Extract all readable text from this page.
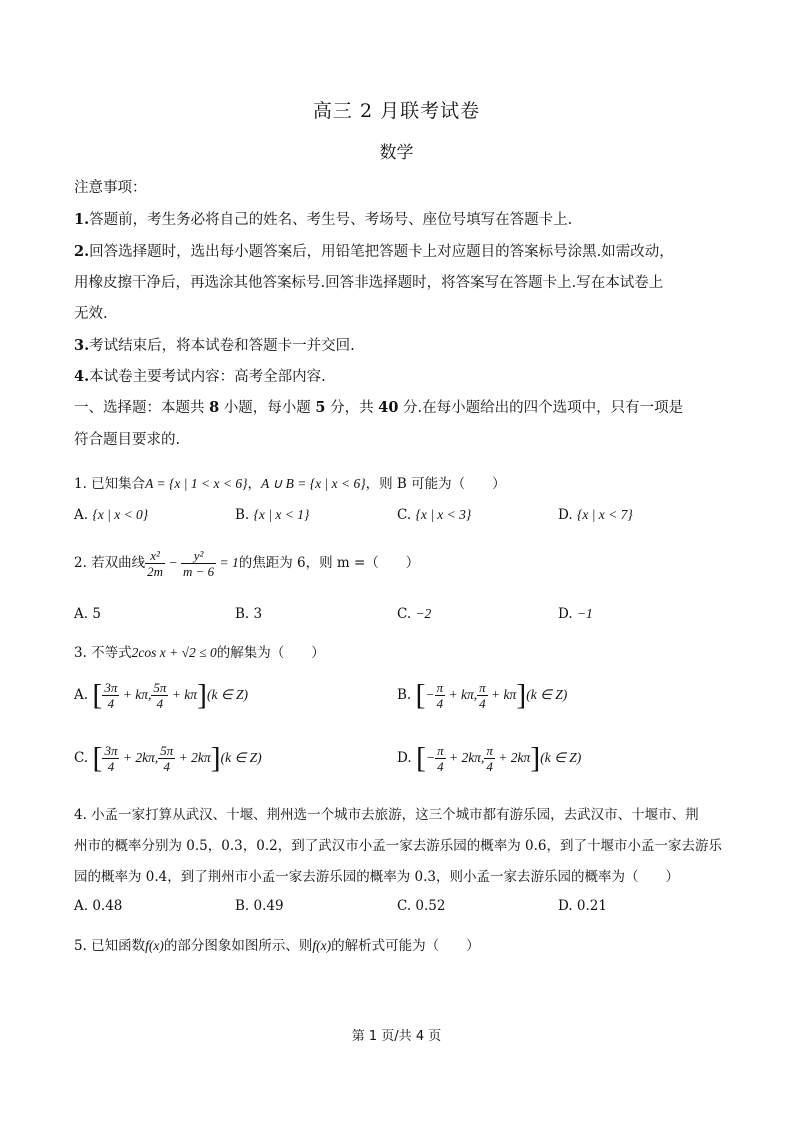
高三 2 月联考试卷
数学
注意事项：
1.答题前，考生务必将自己的姓名、考生号、考场号、座位号填写在答题卡上.
2.回答选择题时，选出每小题答案后，用铅笔把答题卡上对应题目的答案标号涂黑.如需改动，
用橡皮擦干净后，再选涂其他答案标号.回答非选择题时，将答案写在答题卡上.写在本试卷上
无效.
3.考试结束后，将本试卷和答题卡一并交回.
4.本试卷主要考试内容：高考全部内容.
一、选择题：本题共 8 小题，每小题 5 分，共 40 分.在每小题给出的四个选项中，只有一项是
符合题目要求的.
1. 已知集合A = {x | 1 < x < 6}，A ∪ B = {x | x < 6}，则 B 可能为（　　）
A. {x | x < 0}	B. {x | x < 1}	C. {x | x < 3}	D. {x | x < 7}
2. 若双曲线 $\frac{\text{x²}}{2m} - \frac{\text{y²}}{m - 6} = 1$的焦距为 6，则 m =（　　）
A. 5	B. 3	C. −2	D. −1
3. 不等式2cos x + √2 ≤ 0的解集为（　　）
A. [ $\frac{3\pi}{4} + k\pi$, $\frac{5\pi}{4} + k\pi](k$ ∈ Z)	B. [− $\frac{\pi}{4} + k\pi$, $\frac{\pi}{4} + k\pi](k$ ∈ Z)
C. [ $\frac{3\pi}{4} + 2k\pi$, $\frac{5\pi}{4} + 2k\pi](k$ ∈ Z)	D. [− $\frac{\pi}{4} + 2k\pi$, $\frac{\pi}{4} + 2k\pi](k$ ∈ Z)
4. 小孟一家打算从武汉、十堰、荆州选一个城市去旅游，这三个城市都有游乐园，去武汉市、十堰市、荆
州市的概率分别为 0.5，0.3，0.2，到了武汉市小孟一家去游乐园的概率为 0.6，到了十堰市小孟一家去游乐
园的概率为 0.4，到了荆州市小孟一家去游乐园的概率为 0.3，则小孟一家去游乐园的概率为（　　）
A. 0.48	B. 0.49	C. 0.52	D. 0.21
5. 已知函数f(x)的部分图象如图所示、则f(x)的解析式可能为（　　）
第 1 页/共 4 页
